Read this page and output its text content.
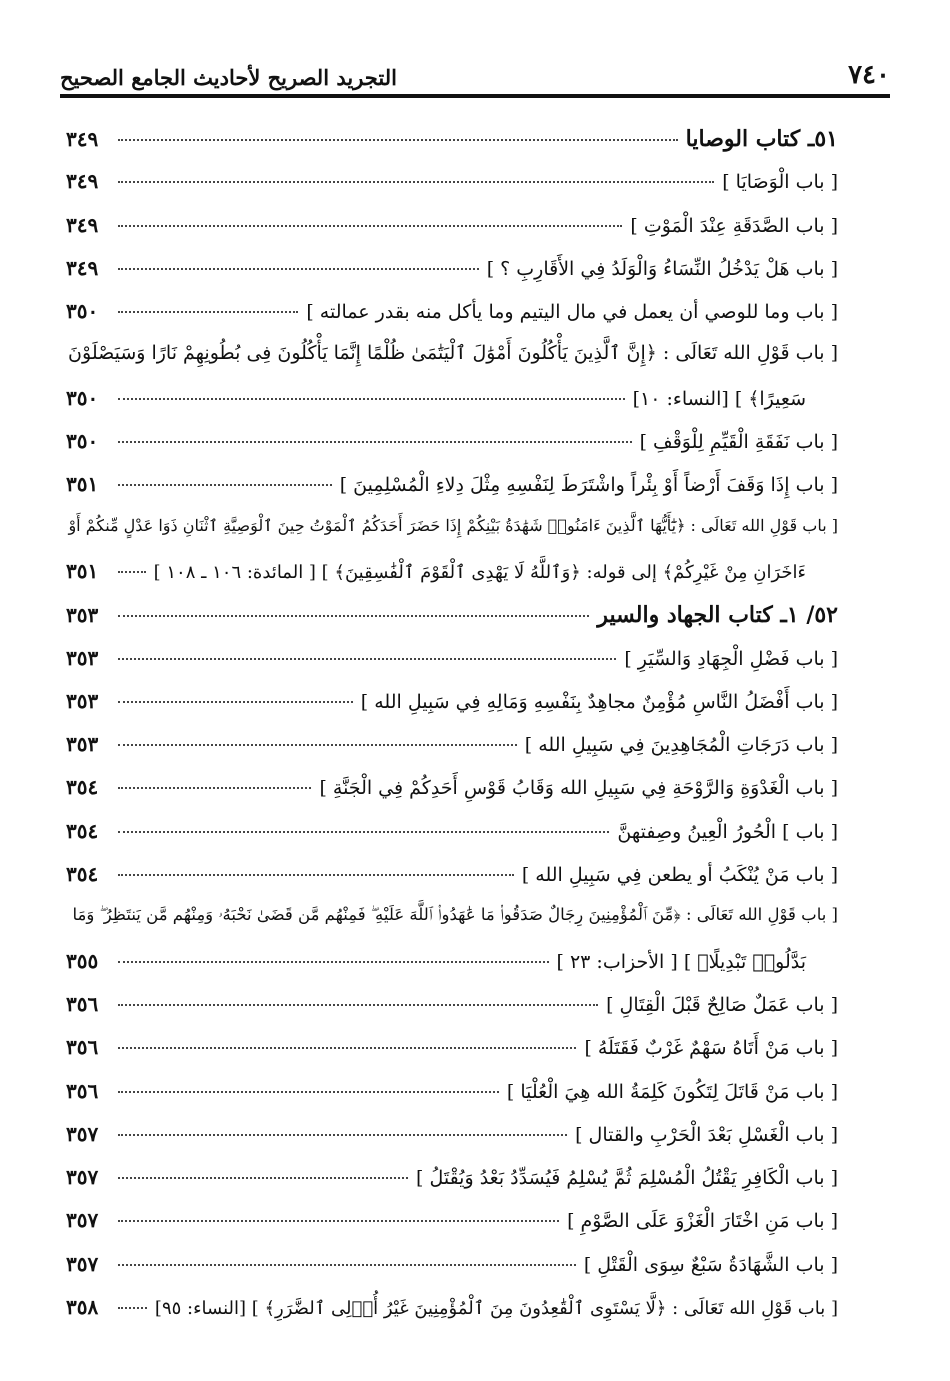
التجريد الصريح لأحاديث الجامع الصحيح	٧٤٠
٥١ـ كتاب الوصايا
٣٤٩
[ باب الْوَصَايَا ]
٣٤٩
[ باب الصَّدَقَةِ عِنْدَ الْمَوْتِ ]
٣٤٩
[ باب هَلْ يَدْخُلُ النِّسَاءُ وَالْوَلَدُ فِي الأَقَارِبِ ؟ ]
٣٤٩
[ باب وما للوصي أن يعمل في مال اليتيم وما يأكل منه بقدر عمالته ]
٣٥٠
[ باب قَوْلِ الله تَعَالَى : ﴿إِنَّ ٱلَّذِينَ يَأْكُلُونَ أَمْوَٰلَ ٱلْيَتَٰمَىٰ ظُلْمًا إِنَّمَا يَأْكُلُونَ فِى بُطُونِهِمْ نَارًا وَسَيَصْلَوْنَ
سَعِيرًا﴾ ] [النساء: ١٠]
٣٥٠
[ باب نَفَقَةِ الْقَيِّمِ لِلْوَقْفِ ]
٣٥٠
[ باب إِذَا وَقَفَ أَرْضاً أَوْ بِئْراً واشْتَرَطَ لِنَفْسِهِ مِثْلَ دِلاءِ الْمُسْلِمِينَ ]
٣٥١
[ باب قَوْلِ الله تَعَالَى : ﴿يَٰٓأَيُّهَا ٱلَّذِينَ ءَامَنُوا۟ شَهَٰدَةُ بَيْنِكُمْ إِذَا حَضَرَ أَحَدَكُمُ ٱلْمَوْتُ حِينَ ٱلْوَصِيَّةِ ٱثْنَانِ ذَوَا عَدْلٍ مِّنكُمْ أَوْ
ءَاخَرَانِ مِنْ غَيْرِكُمْ﴾ إلى قوله: ﴿وَٱللَّهُ لَا يَهْدِى ٱلْقَوْمَ ٱلْفَٰسِقِينَ﴾ ] [ المائدة: ١٠٦ ـ ١٠٨ ]
٣٥١
٥٢/ ١ـ كتاب الجهاد والسير
٣٥٣
[ باب فَضْلِ الْجِهَادِ وَالسِّيَرِ ]
٣٥٣
[ باب أَفْضَلُ النَّاسِ مُؤْمِنٌ مجاهِدٌ بِنَفْسِهِ وَمَالِهِ فِي سَبِيلِ الله ]
٣٥٣
[ باب دَرَجَاتِ الْمُجَاهِدِينَ فِي سَبِيلِ الله ]
٣٥٣
[ باب الْغَدْوَةِ وَالرَّوْحَةِ فِي سَبِيلِ الله وَقَابُ قَوْسِ أَحَدِكُمْ فِي الْجَنَّةِ ]
٣٥٤
[ باب ] الْحُورُ الْعِينُ وصِفتهنَّ
٣٥٤
[ باب مَنْ يُنْكَبُ أو يطعن فِي سَبِيلِ الله ]
٣٥٤
[ باب قَوْلِ الله تَعَالَى : ﴿مِّنَ ٱلْمُؤْمِنِينَ رِجَالٌ صَدَقُوا۟ مَا عَٰهَدُوا۟ ٱللَّهَ عَلَيْهِ ۖ فَمِنْهُم مَّن قَضَىٰ نَحْبَهُۥ وَمِنْهُم مَّن يَنتَظِرُ ۖ وَمَا
بَدَّلُوا۟ تَبْدِيلًا﴾ ] [ الأحزاب: ٢٣ ]
٣٥٥
[ باب عَمَلٌ صَالِحٌ قَبْلَ الْقِتَالِ ]
٣٥٦
[ باب مَنْ أَتَاهُ سَهْمٌ غَرْبٌ فَقَتَلَهُ ]
٣٥٦
[ باب مَنْ قَاتَلَ لِتَكُونَ كَلِمَةُ الله هِيَ الْعُلْيَا ]
٣٥٦
[ باب الْغَسْلِ بَعْدَ الْحَرْبِ والقتال ]
٣٥٧
[ باب الْكَافِرِ يَقْتُلُ الْمُسْلِمَ ثُمَّ يُسْلِمُ فَيُسَدِّدُ بَعْدُ وَيُقْتَلُ ]
٣٥٧
[ باب مَنِ اخْتَارَ الْغَزْوَ عَلَى الصَّوْمِ ]
٣٥٧
[ باب الشَّهَادَةُ سَبْعٌ سِوَى الْقَتْلِ ]
٣٥٧
[ باب قَوْلِ الله تَعَالَى : ﴿لَّا يَسْتَوِى ٱلْقَٰعِدُونَ مِنَ ٱلْمُؤْمِنِينَ غَيْرُ أُو۟لِى ٱلضَّرَرِ﴾ ] [النساء: ٩٥]
٣٥٨
